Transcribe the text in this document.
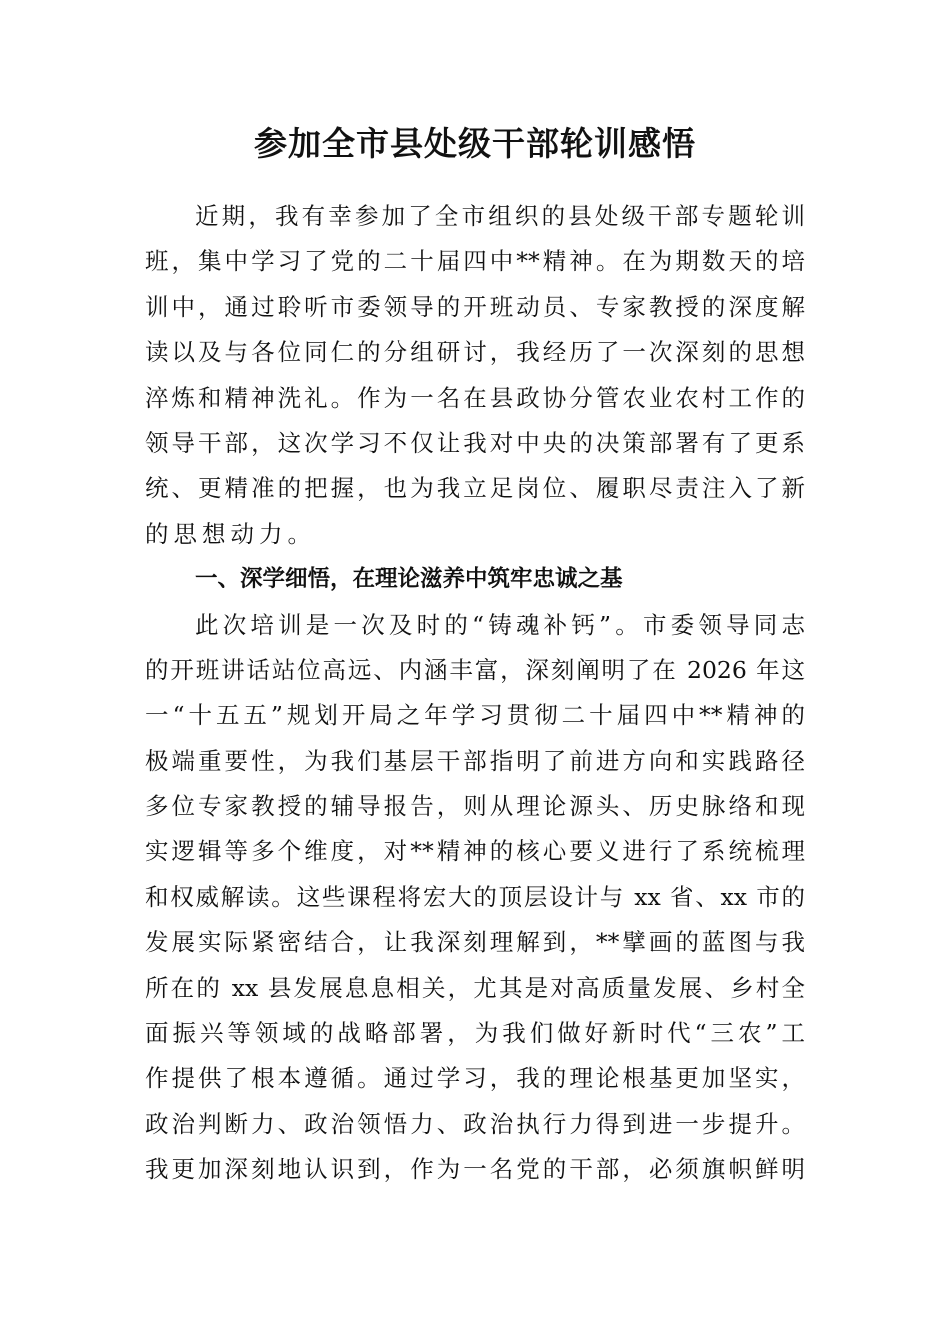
参加全市县处级干部轮训感悟
近期，我有幸参加了全市组织的县处级干部专题轮训
班，集中学习了党的二十届四中**精神。在为期数天的培
训中，通过聆听市委领导的开班动员、专家教授的深度解
读以及与各位同仁的分组研讨，我经历了一次深刻的思想
淬炼和精神洗礼。作为一名在县政协分管农业农村工作的
领导干部，这次学习不仅让我对中央的决策部署有了更系
统、更精准的把握，也为我立足岗位、履职尽责注入了新
的思想动力。
一、深学细悟，在理论滋养中筑牢忠诚之基
此次培训是一次及时的“铸魂补钙”。市委领导同志
的开班讲话站位高远、内涵丰富，深刻阐明了在 2026 年这
一“十五五”规划开局之年学习贯彻二十届四中**精神的
极端重要性，为我们基层干部指明了前进方向和实践路径
多位专家教授的辅导报告，则从理论源头、历史脉络和现
实逻辑等多个维度，对**精神的核心要义进行了系统梳理
和权威解读。这些课程将宏大的顶层设计与 xx 省、xx 市的
发展实际紧密结合，让我深刻理解到，**擘画的蓝图与我
所在的 xx 县发展息息相关，尤其是对高质量发展、乡村全
面振兴等领域的战略部署，为我们做好新时代“三农”工
作提供了根本遵循。通过学习，我的理论根基更加坚实，
政治判断力、政治领悟力、政治执行力得到进一步提升。
我更加深刻地认识到，作为一名党的干部，必须旗帜鲜明
